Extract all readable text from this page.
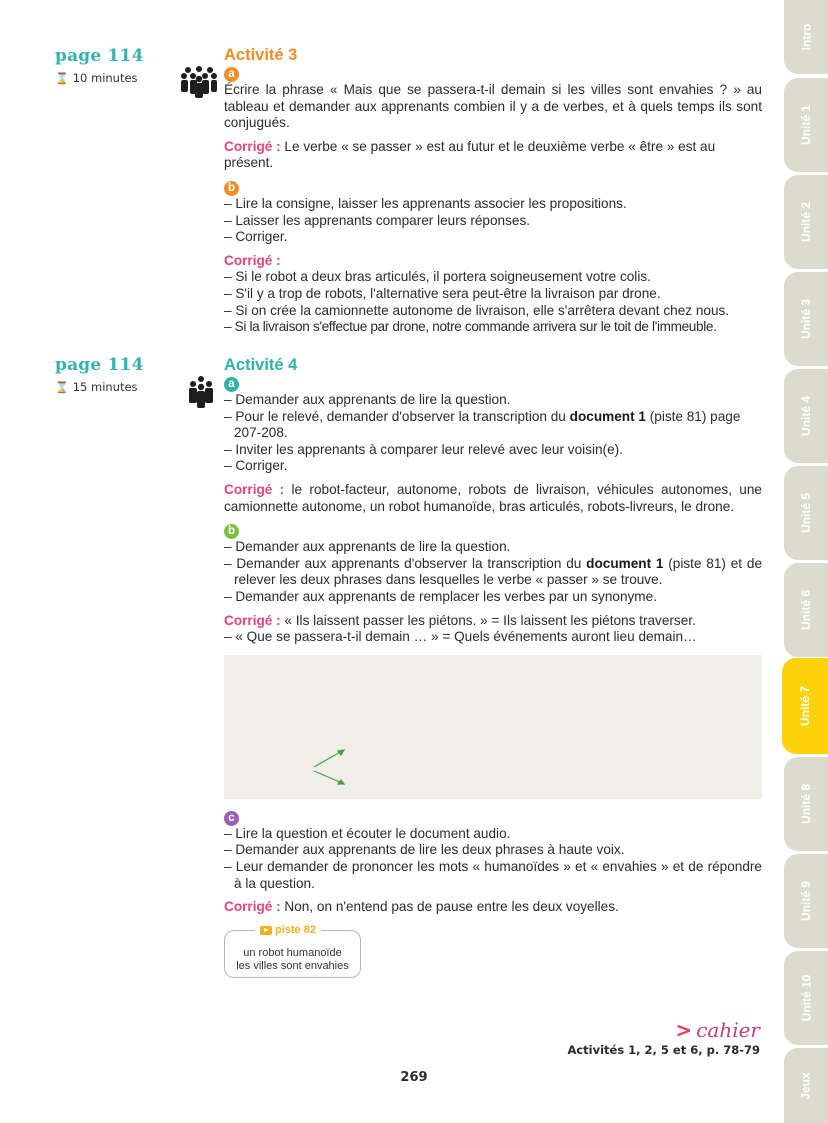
page 114
⌛ 10 minutes
Activité 3
a

Écrire la phrase « Mais que se passera-t-il demain si les villes sont envahies ? » au tableau et demander aux apprenants combien il y a de verbes, et à quels temps ils sont conjugués.

Corrigé : Le verbe « se passer » est au futur et le deuxième verbe « être » est au présent.

b

– Lire la consigne, laisser les apprenants associer les propositions.

– Laisser les apprenants comparer leurs réponses.

– Corriger.

Corrigé :

– Si le robot a deux bras articulés, il portera soigneusement votre colis.

– S'il y a trop de robots, l'alternative sera peut-être la livraison par drone.

– Si on crée la camionnette autonome de livraison, elle s'arrêtera devant chez nous.

– Si la livraison s'effectue par drone, notre commande arrivera sur le toit de l'immeuble.

page 114
⌛ 15 minutes
Activité 4
a

– Demander aux apprenants de lire la question.

– Pour le relevé, demander d'observer la transcription du document 1 (piste 81) page 207-208.

– Inviter les apprenants à comparer leur relevé avec leur voisin(e).

– Corriger.

Corrigé : le robot-facteur, autonome, robots de livraison, véhicules autonomes, une camionnette autonome, un robot humanoïde, bras articulés, robots-livreurs, le drone.

b

– Demander aux apprenants de lire la question.

– Demander aux apprenants d'observer la transcription du document 1 (piste 81) et de relever les deux phrases dans lesquelles le verbe « passer » se trouve.

– Demander aux apprenants de remplacer les verbes par un synonyme.

Corrigé : « Ils laissent passer les piétons. » = Ils laissent les piétons traverser.

– « Que se passera-t-il demain … » = Quels événements auront lieu demain…

c

– Lire la question et écouter le document audio.

– Demander aux apprenants de lire les deux phrases à haute voix.

– Leur demander de prononcer les mots « humanoïdes » et « envahies » et de répondre à la question.

Corrigé : Non, on n'entend pas de pause entre les deux voyelles.

piste 82
un robot humanoïde
les villes sont envahies
> cahier
Activités 1, 2, 5 et 6, p. 78-79
269
Intro
Unité 1
Unité 2
Unité 3
Unité 4
Unité 5
Unité 6
Unité 7
Unité 8
Unité 9
Unité 10
Jeux
